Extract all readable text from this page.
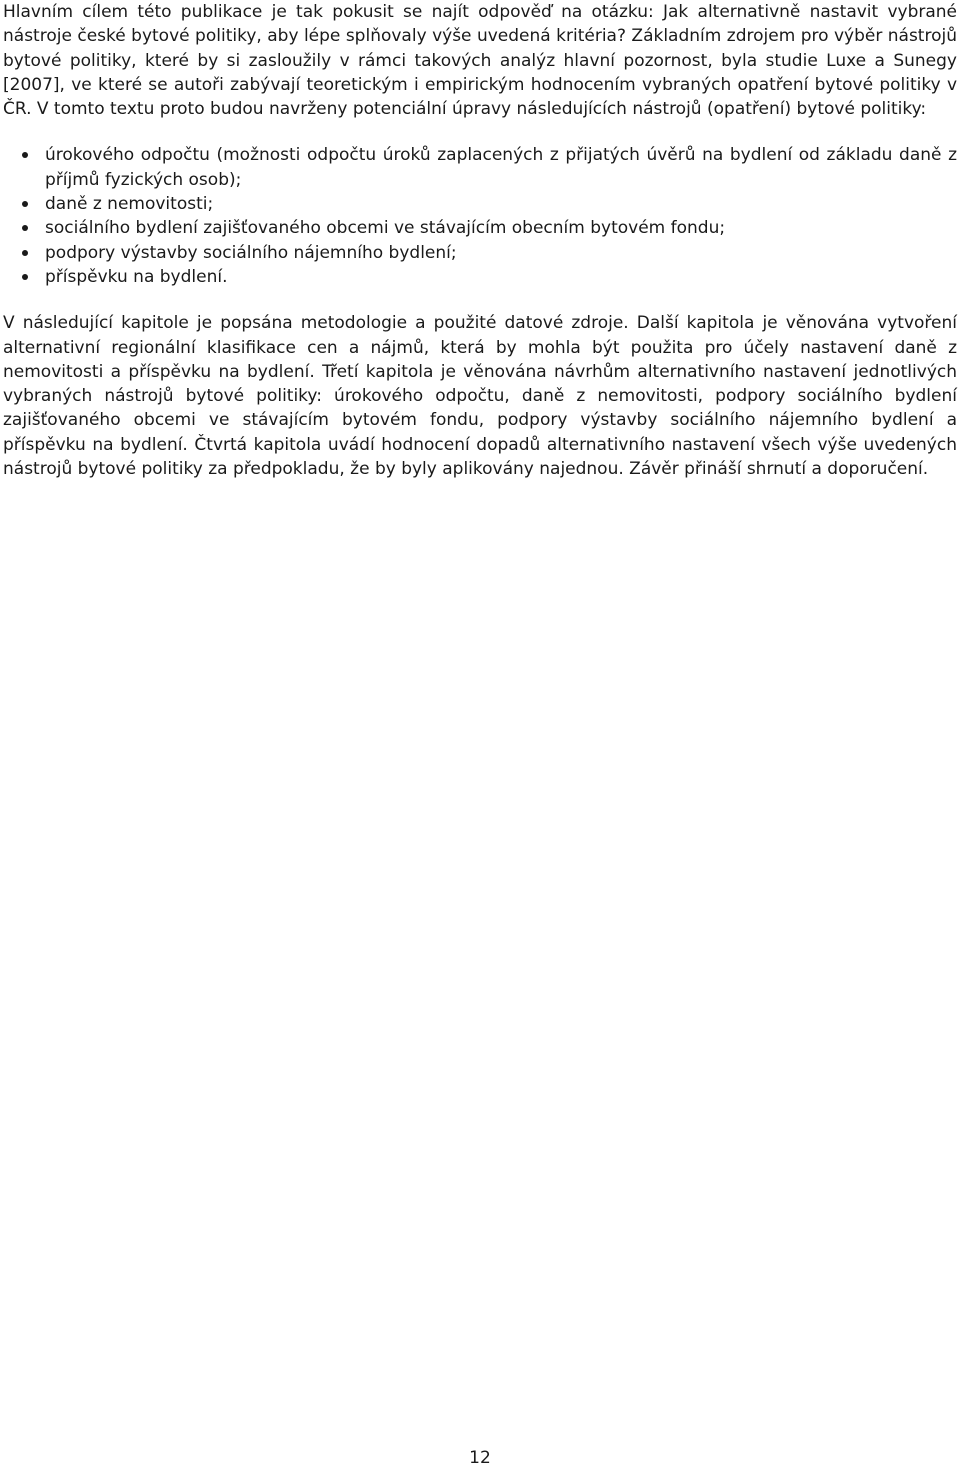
Hlavním cílem této publikace je tak pokusit se najít odpověď na otázku: Jak alternativně nastavit vybrané nástroje české bytové politiky, aby lépe splňovaly výše uvedená kritéria? Základním zdrojem pro výběr nástrojů bytové politiky, které by si zasloužily v rámci takových analýz hlavní pozornost, byla studie Luxe a Sunegy [2007], ve které se autoři zabývají teoretickým i empirickým hodnocením vybraných opatření bytové politiky v ČR. V tomto textu proto budou navrženy potenciální úpravy následujících nástrojů (opatření) bytové politiky:

úrokového odpočtu (možnosti odpočtu úroků zaplacených z přijatých úvěrů na bydlení od základu daně z příjmů fyzických osob);
daně z nemovitosti;
sociálního bydlení zajišťovaného obcemi ve stávajícím obecním bytovém fondu;
podpory výstavby sociálního nájemního bydlení;
příspěvku na bydlení.

V následující kapitole je popsána metodologie a použité datové zdroje. Další kapitola je věnována vytvoření alternativní regionální klasifikace cen a nájmů, která by mohla být použita pro účely nastavení daně z nemovitosti a příspěvku na bydlení. Třetí kapitola je věnována návrhům alternativního nastavení jednotlivých vybraných nástrojů bytové politiky: úrokového odpočtu, daně z nemovitosti, podpory sociálního bydlení zajišťovaného obcemi ve stávajícím bytovém fondu, podpory výstavby sociálního nájemního bydlení a příspěvku na bydlení. Čtvrtá kapitola uvádí hodnocení dopadů alternativního nastavení všech výše uvedených nástrojů bytové politiky za předpokladu, že by byly aplikovány najednou. Závěr přináší shrnutí a doporučení.

12
